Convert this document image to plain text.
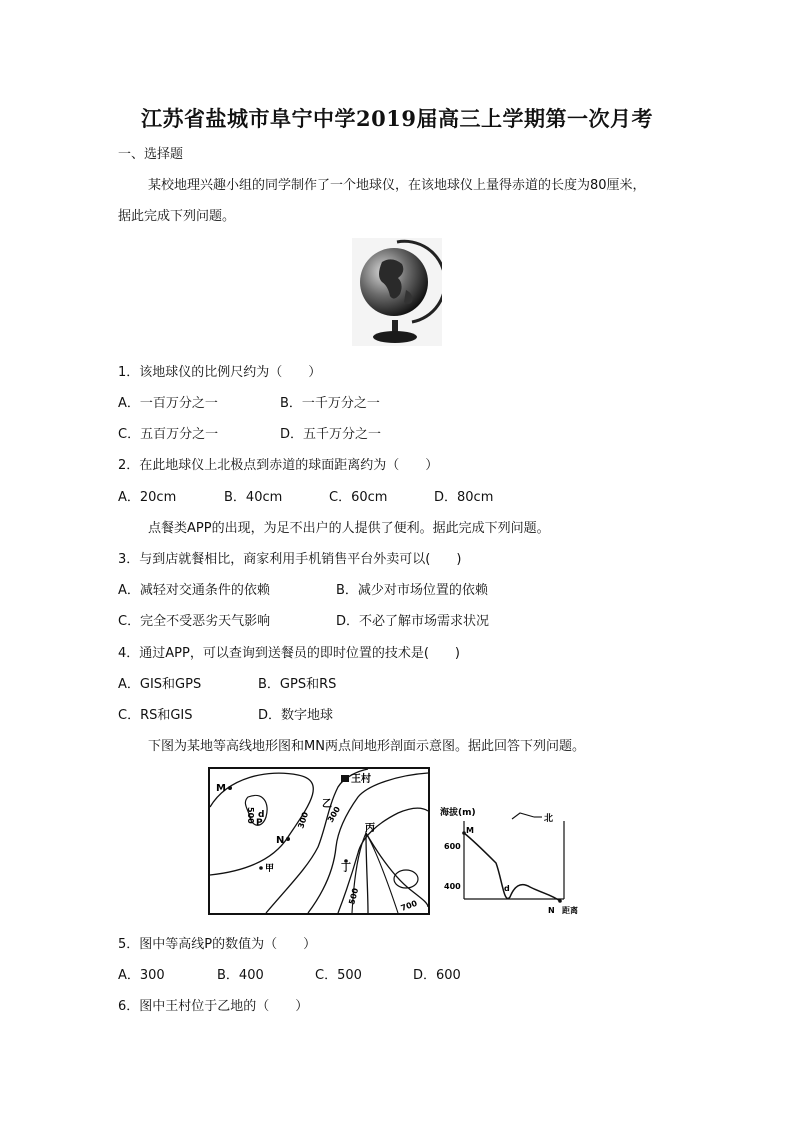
江苏省盐城市阜宁中学2019届高三上学期第一次月考
一、选择题
某校地理兴趣小组的同学制作了一个地球仪，在该地球仪上量得赤道的长度为80厘米，
据此完成下列问题。
1．该地球仪的比例尺约为（　　）
A．一百万分之一	B．一千万分之一
C．五百万分之一	D．五千万分之一
2．在此地球仪上北极点到赤道的球面距离约为（　　）
A．20cm	B．40cm	C．60cm	D．80cm
点餐类APP的出现，为足不出户的人提供了便利。据此完成下列问题。
3．与到店就餐相比，商家利用手机销售平台外卖可以(　　)
A．减轻对交通条件的依赖	B．减少对市场位置的依赖
C．完全不受恶劣天气影响	D．不必了解市场需求状况
4．通过APP，可以查询到送餐员的即时位置的技术是(　　)
A．GIS和GPS	B．GPS和RS
C．RS和GIS	D．数字地球
下图为某地等高线地形图和MN两点间地形剖面示意图。据此回答下列问题。
王村
M
N
P
d
乙
丙
丁
甲
500	300 300
500
700
海拔(m)
北
600
400
M
d
N 距离
5．图中等高线P的数值为（　　）
A．300	B．400	C．500	D．600
6．图中王村位于乙地的（　　）
